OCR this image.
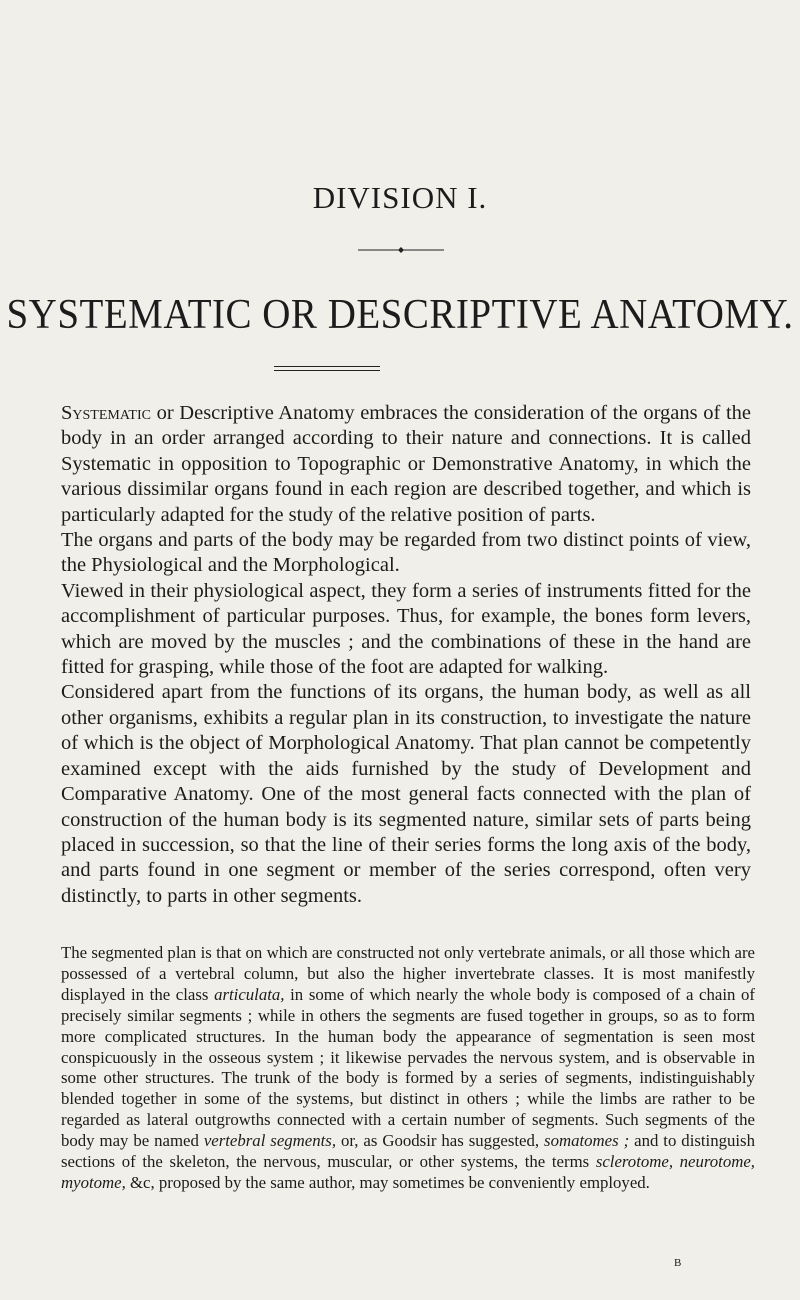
DIVISION I.
SYSTEMATIC OR DESCRIPTIVE ANATOMY.

Systematic or Descriptive Anatomy embraces the consideration of the organs of the body in an order arranged according to their nature and connections. It is called Systematic in opposition to Topographic or Demonstrative Anatomy, in which the various dissimilar organs found in each region are described together, and which is particularly adapted for the study of the relative position of parts.

The organs and parts of the body may be regarded from two distinct points of view, the Physiological and the Morphological.

Viewed in their physiological aspect, they form a series of instruments fitted for the accomplishment of particular purposes. Thus, for example, the bones form levers, which are moved by the muscles ; and the combinations of these in the hand are fitted for grasping, while those of the foot are adapted for walking.

Considered apart from the functions of its organs, the human body, as well as all other organisms, exhibits a regular plan in its construction, to investigate the nature of which is the object of Morphological Anatomy. That plan cannot be competently examined except with the aids furnished by the study of Development and Comparative Anatomy. One of the most general facts connected with the plan of construction of the human body is its segmented nature, similar sets of parts being placed in succession, so that the line of their series forms the long axis of the body, and parts found in one segment or member of the series correspond, often very distinctly, to parts in other segments.

The segmented plan is that on which are constructed not only vertebrate animals, or all those which are possessed of a vertebral column, but also the higher invertebrate classes. It is most manifestly displayed in the class articulata, in some of which nearly the whole body is composed of a chain of precisely similar segments ; while in others the segments are fused together in groups, so as to form more complicated structures. In the human body the appearance of segmentation is seen most conspicuously in the osseous system ; it likewise pervades the nervous system, and is observable in some other structures. The trunk of the body is formed by a series of segments, indistinguishably blended together in some of the systems, but distinct in others ; while the limbs are rather to be regarded as lateral outgrowths connected with a certain number of segments. Such segments of the body may be named vertebral segments, or, as Goodsir has suggested, somatomes ; and to distinguish sections of the skeleton, the nervous, muscular, or other systems, the terms sclerotome, neurotome, myotome, &c, proposed by the same author, may sometimes be conveniently employed.

B
